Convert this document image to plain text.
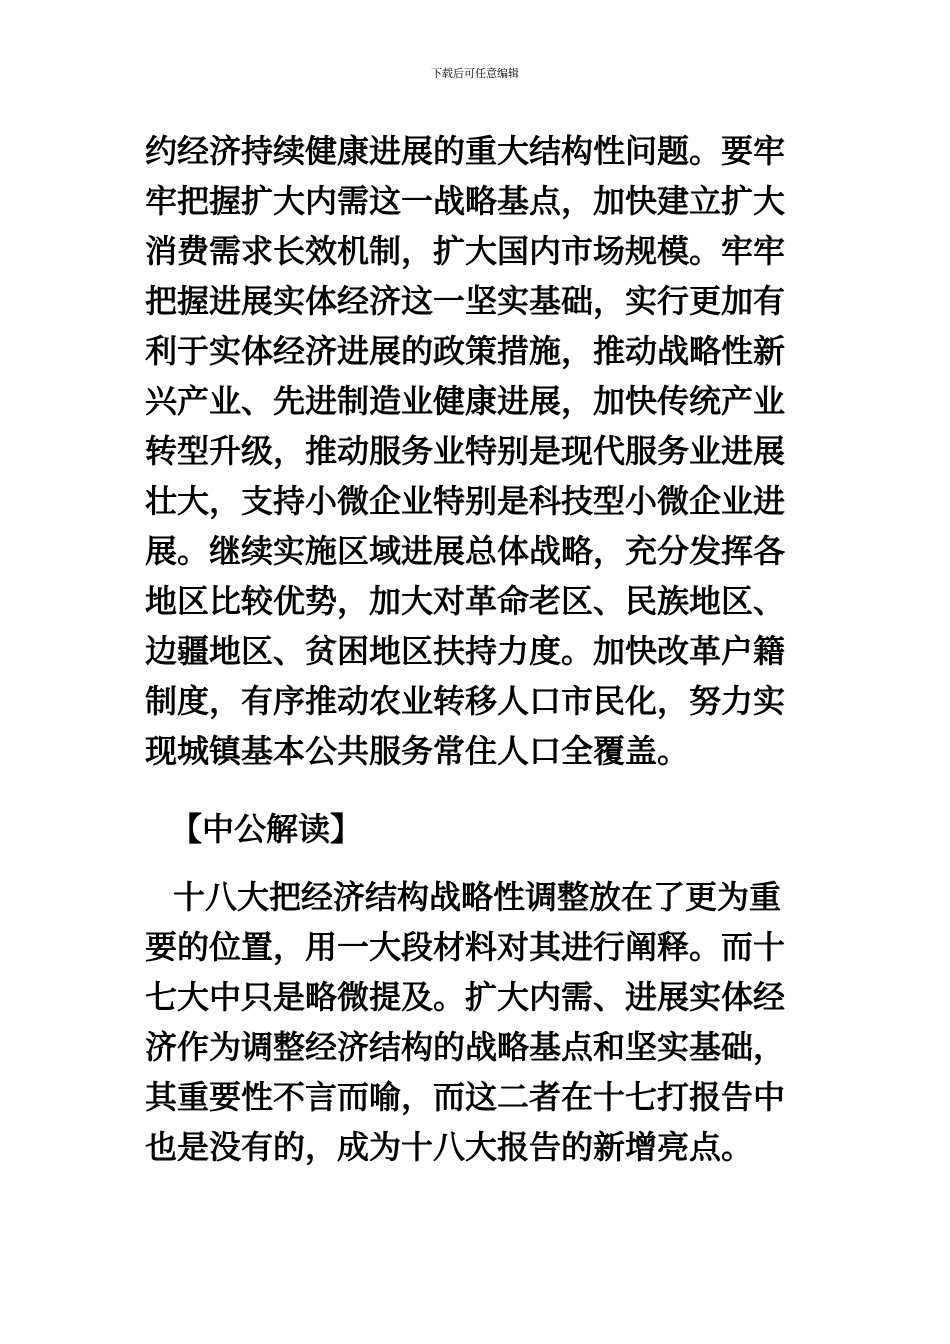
下载后可任意编辑
约经济持续健康进展的重大结构性问题。要牢
牢把握扩大内需这一战略基点，加快建立扩大
消费需求长效机制，扩大国内市场规模。牢牢
把握进展实体经济这一坚实基础，实行更加有
利于实体经济进展的政策措施，推动战略性新
兴产业、先进制造业健康进展，加快传统产业
转型升级，推动服务业特别是现代服务业进展
壮大，支持小微企业特别是科技型小微企业进
展。继续实施区域进展总体战略，充分发挥各
地区比较优势，加大对革命老区、民族地区、
边疆地区、贫困地区扶持力度。加快改革户籍
制度，有序推动农业转移人口市民化，努力实
现城镇基本公共服务常住人口全覆盖。
【中公解读】
十八大把经济结构战略性调整放在了更为重
要的位置，用一大段材料对其进行阐释。而十
七大中只是略微提及。扩大内需、进展实体经
济作为调整经济结构的战略基点和坚实基础，
其重要性不言而喻，而这二者在十七打报告中
也是没有的，成为十八大报告的新增亮点。
